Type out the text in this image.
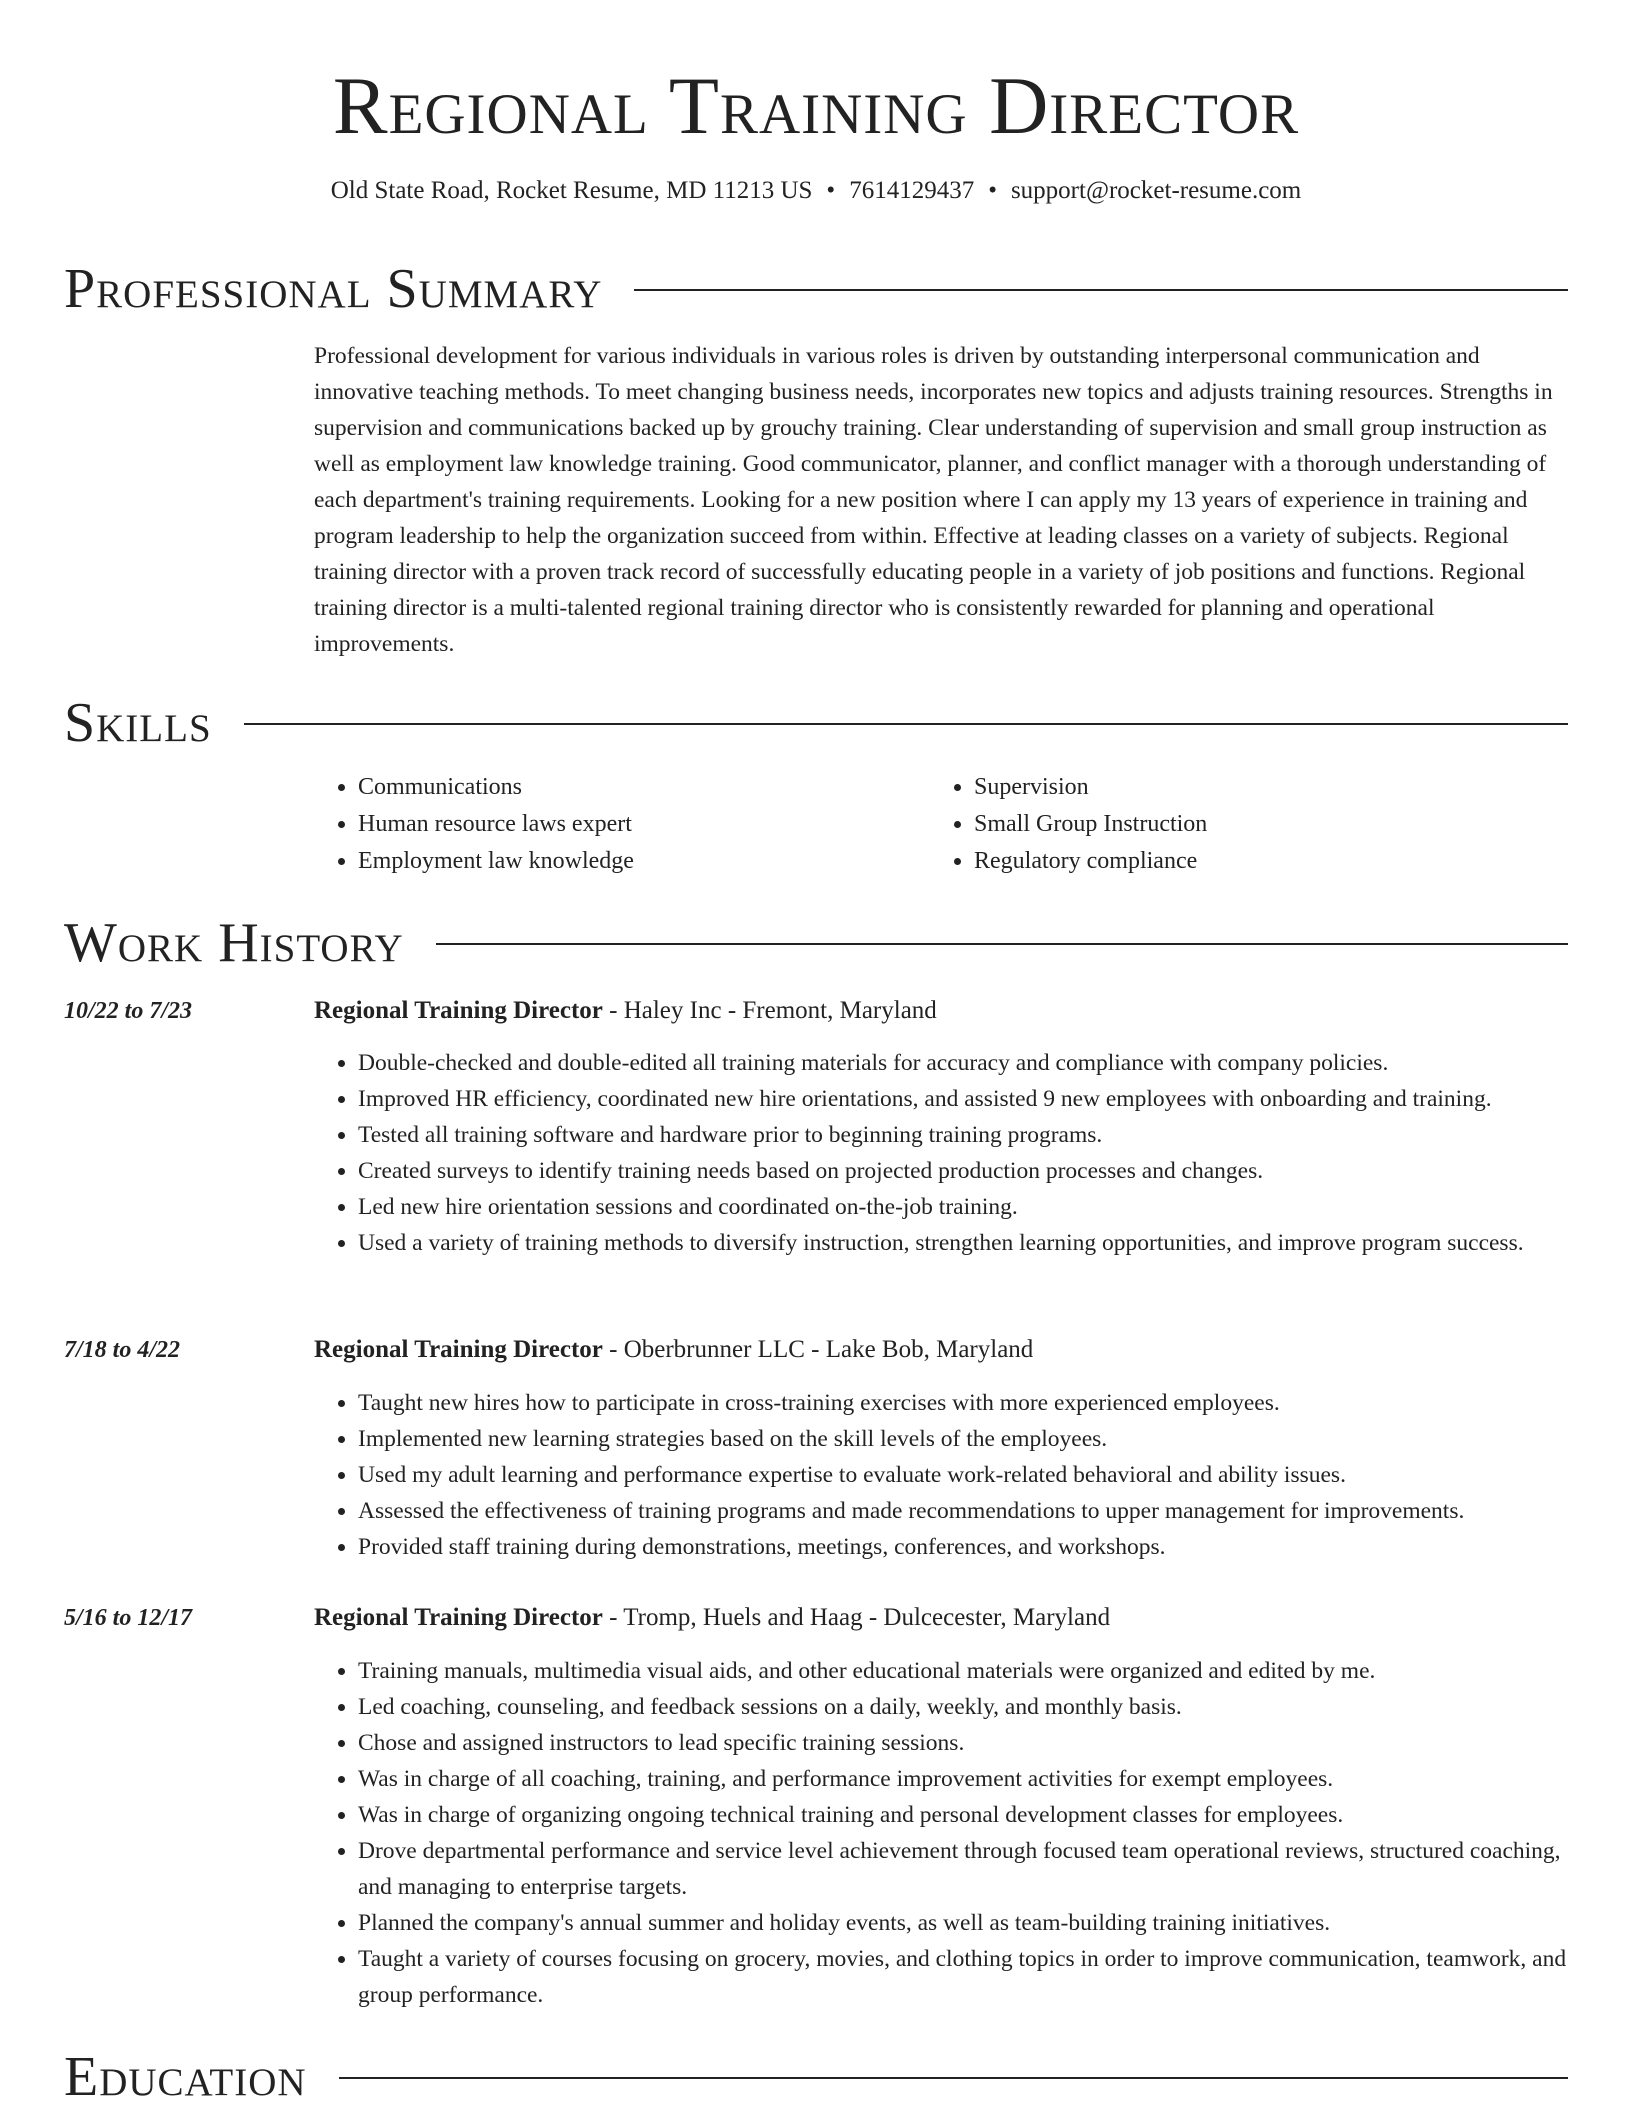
Regional Training Director
Old State Road, Rocket Resume, MD 11213 US • 7614129437 • support@rocket-resume.com
Professional Summary

Professional development for various individuals in various roles is driven by outstanding interpersonal communication and innovative teaching methods. To meet changing business needs, incorporates new topics and adjusts training resources. Strengths in supervision and communications backed up by grouchy training. Clear understanding of supervision and small group instruction as well as employment law knowledge training. Good communicator, planner, and conflict manager with a thorough understanding of each department's training requirements. Looking for a new position where I can apply my 13 years of experience in training and program leadership to help the organization succeed from within. Effective at leading classes on a variety of subjects. Regional training director with a proven track record of successfully educating people in a variety of job positions and functions. Regional training director is a multi-talented regional training director who is consistently rewarded for planning and operational improvements.

Skills
• Communications
• Human resource laws expert
• Employment law knowledge
• Supervision
• Small Group Instruction
• Regulatory compliance
Work History
10/22 to 7/23	Regional Training Director - Haley Inc - Fremont, Maryland
• Double-checked and double-edited all training materials for accuracy and compliance with company policies.
• Improved HR efficiency, coordinated new hire orientations, and assisted 9 new employees with onboarding and training.
• Tested all training software and hardware prior to beginning training programs.
• Created surveys to identify training needs based on projected production processes and changes.
• Led new hire orientation sessions and coordinated on-the-job training.
• Used a variety of training methods to diversify instruction, strengthen learning opportunities, and improve program success.
7/18 to 4/22	Regional Training Director - Oberbrunner LLC - Lake Bob, Maryland
• Taught new hires how to participate in cross-training exercises with more experienced employees.
• Implemented new learning strategies based on the skill levels of the employees.
• Used my adult learning and performance expertise to evaluate work-related behavioral and ability issues.
• Assessed the effectiveness of training programs and made recommendations to upper management for improvements.
• Provided staff training during demonstrations, meetings, conferences, and workshops.
5/16 to 12/17	Regional Training Director - Tromp, Huels and Haag - Dulcecester, Maryland
• Training manuals, multimedia visual aids, and other educational materials were organized and edited by me.
• Led coaching, counseling, and feedback sessions on a daily, weekly, and monthly basis.
• Chose and assigned instructors to lead specific training sessions.
• Was in charge of all coaching, training, and performance improvement activities for exempt employees.
• Was in charge of organizing ongoing technical training and personal development classes for employees.
• Drove departmental performance and service level achievement through focused team operational reviews, structured coaching, and managing to enterprise targets.
• Planned the company's annual summer and holiday events, as well as team-building training initiatives.
• Taught a variety of courses focusing on grocery, movies, and clothing topics in order to improve communication, teamwork, and group performance.
Education
